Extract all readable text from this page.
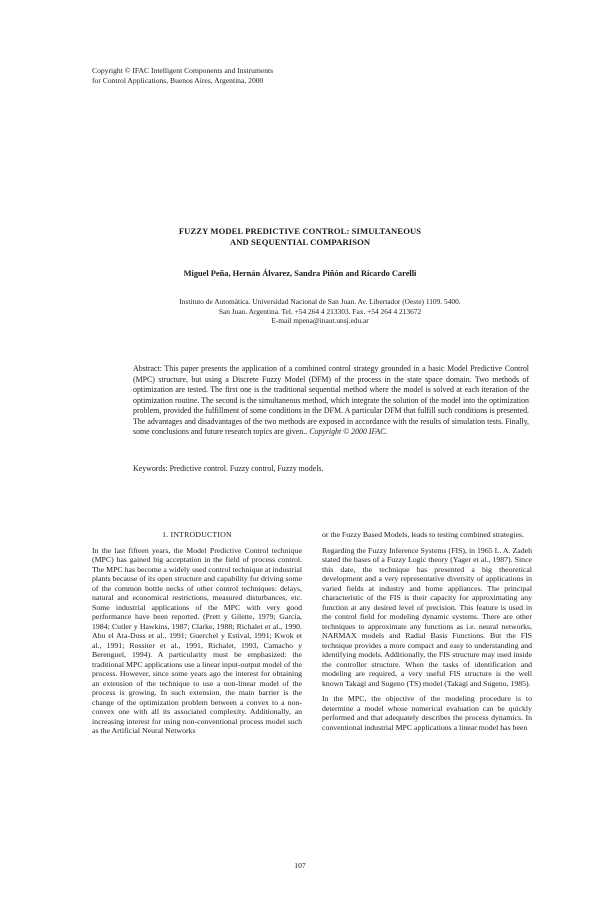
Copyright © IFAC Intelligent Components and Instruments
for Control Applications, Buenos Aires, Argentina, 2000
FUZZY MODEL PREDICTIVE CONTROL: SIMULTANEOUS
AND SEQUENTIAL COMPARISON
Miguel Peña, Hernán Álvarez, Sandra Piñón and Ricardo Carelli
Instituto de Automática. Universidad Nacional de San Juan. Av. Libertador (Oeste) 1109. 5400.
San Juan. Argentina. Tel. +54 264 4 213303. Fax. +54 264 4 213672
E-mail mpena@inaut.unsj.edu.ar
Abstract: This paper presents the application of a combined control strategy grounded in a basic Model Predictive Control (MPC) structure, but using a Discrete Fuzzy Model (DFM) of the process in the state space domain. Two methods of optimization are tested. The first one is the traditional sequential method where the model is solved at each iteration of the optimization routine. The second is the simultaneous method, which integrate the solution of the model into the optimization problem, provided the fulfillment of some conditions in the DFM. A particular DFM that fulfill such conditions is presented. The advantages and disadvantages of the two methods are exposed in accordance with the results of simulation tests. Finally, some conclusions and future research topics are given.. Copyright © 2000 IFAC.
Keywords: Predictive control. Fuzzy control, Fuzzy models.
1. INTRODUCTION

In the last fifteen years, the Model Predictive Control technique (MPC) has gained big acceptation in the field of process control. The MPC has become a widely used control technique at industrial plants because of its open structure and capability for driving some of the common bottle necks of other control techniques: delays, natural and economical restrictions, measured disturbances, etc. Some industrial applications of the MPC with very good performance have been reported. (Prett y Gilette, 1979; García, 1984; Cutler y Hawkins, 1987; Clarke, 1988; Richalet et al., 1990. Abu el Ata-Doss et al., 1991; Guerchel y Estival, 1991; Kwok et al., 1991; Rossiter et al., 1991, Richalet, 1993, Camacho y Berenguel, 1994). A particularity must be emphasized: the traditional MPC applications use a linear input-output model of the process. However, since some years ago the interest for obtaining an extension of the technique to use a non-linear model of the process is growing. In such extension, the main barrier is the change of the optimization problem between a convex to a non-convex one with all its associated complexity. Additionally, an increasing interest for using non-conventional process model such as the Artificial Neural Networks

or the Fuzzy Based Models, leads to testing combined strategies.

Regarding the Fuzzy Inference Systems (FIS), in 1965 L. A. Zadeh stated the bases of a Fuzzy Logic theory (Yager et al., 1987). Since this date, the technique has presented a big theoretical development and a very representative diversity of applications in varied fields at industry and home appliances. The principal characteristic of the FIS is their capacity for approximating any function at any desired level of precision. This feature is used in the control field for modeling dynamic systems. There are other techniques to approximate any functions as i.e. neural networks, NARMAX models and Radial Basis Functions. But the FIS technique provides a more compact and easy to understanding and identifying models. Additionally, the FIS structure may used inside the controller structure. When the tasks of identification and modeling are required, a very useful FIS structure is the well known Takagi and Sugeno (TS) model (Takagi and Sugeno, 1985).

In the MPC, the objective of the modeling procedure is to determine a model whose numerical evaluation can be quickly performed and that adequately describes the process dynamics. In conventional industrial MPC applications a linear model has been

107
